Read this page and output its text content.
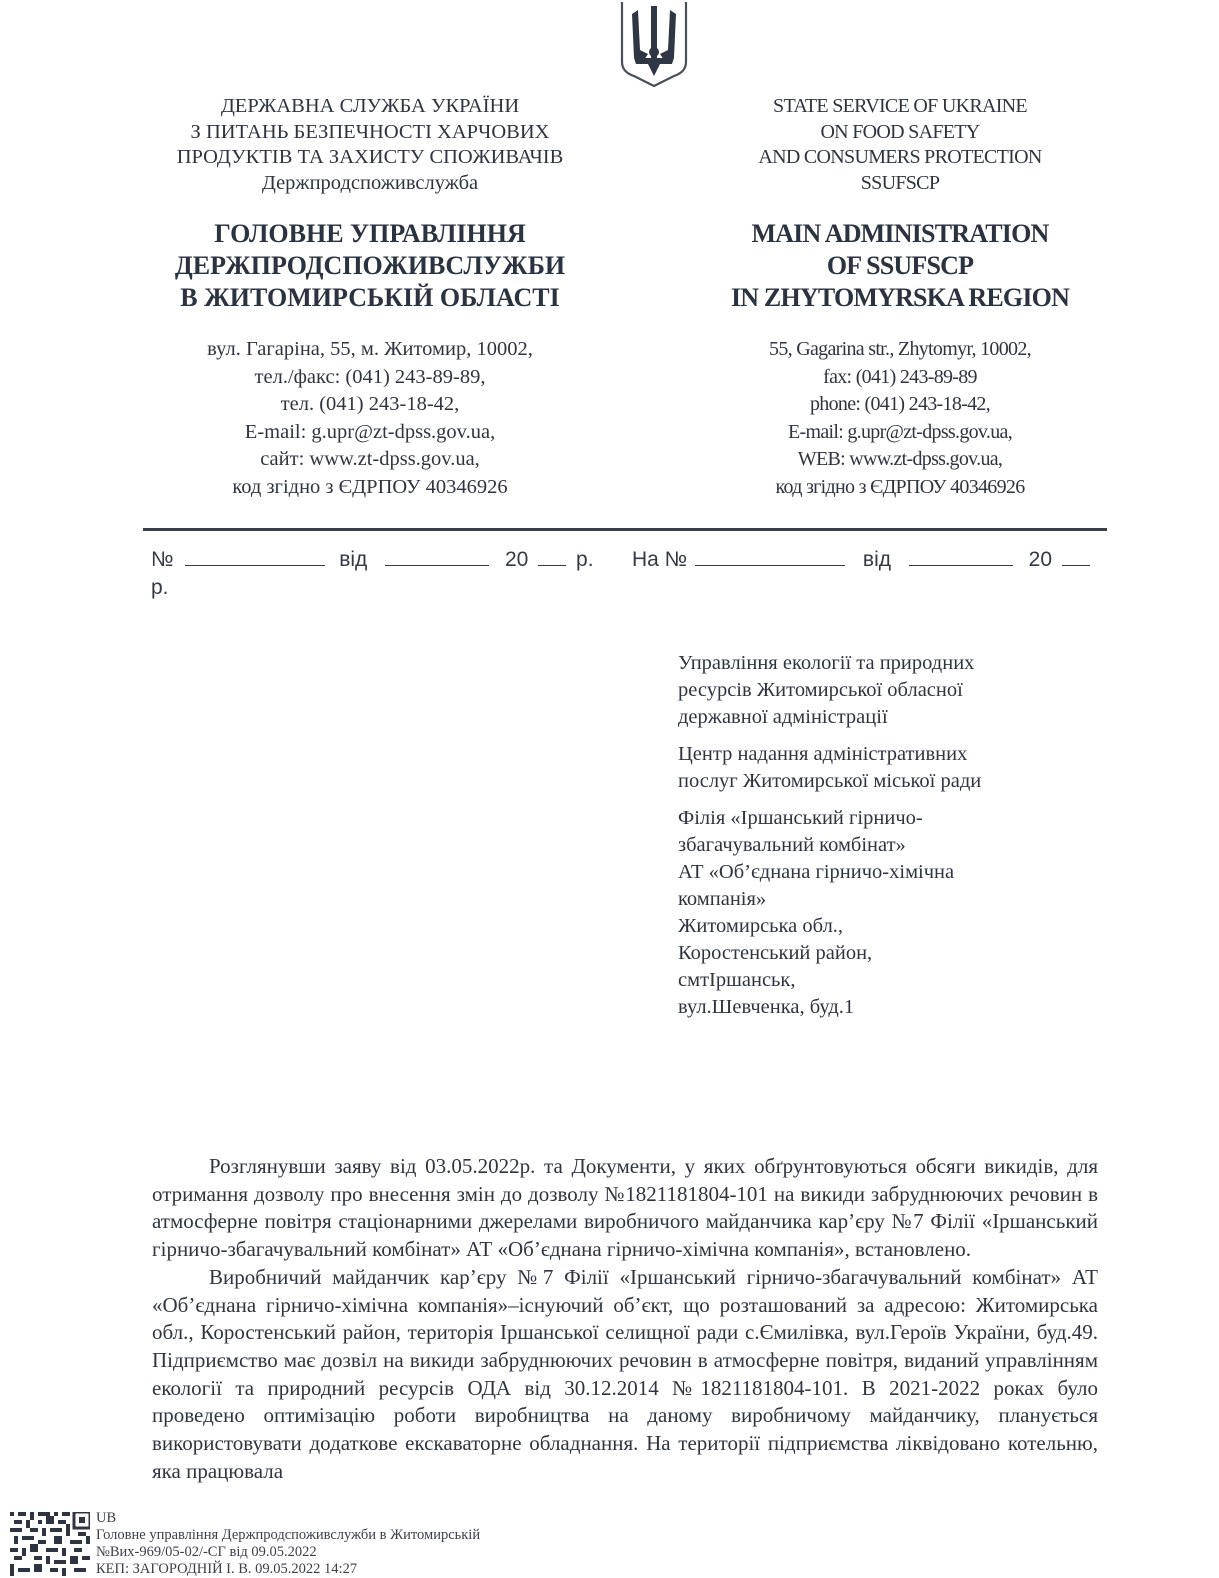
ДЕРЖАВНА СЛУЖБА УКРАЇНИ
З ПИТАНЬ БЕЗПЕЧНОСТІ ХАРЧОВИХ
ПРОДУКТІВ ТА ЗАХИСТУ СПОЖИВАЧІВ
Держпродспоживслужба
ГОЛОВНЕ УПРАВЛІННЯ
ДЕРЖПРОДСПОЖИВСЛУЖБИ
В ЖИТОМИРСЬКІЙ ОБЛАСТІ
вул. Гагаріна, 55, м. Житомир, 10002,
тел./факс: (041) 243-89-89,
тел. (041) 243-18-42,
E-mail: g.upr@zt-dpss.gov.ua,
сайт: www.zt-dpss.gov.ua,
код згідно з ЄДРПОУ 40346926
STATE SERVICE OF UKRAINE
ON FOOD SAFETY
AND CONSUMERS PROTECTION
SSUFSCP
MAIN ADMINISTRATION
OF SSUFSCP
IN ZHYTOMYRSKA REGION
55, Gagarina str., Zhytomyr, 10002,
fax: (041) 243-89-89
phone: (041) 243-18-42,
E-mail: g.upr@zt-dpss.gov.ua,
WEB: www.zt-dpss.gov.ua,
код згідно з ЄДРПОУ 40346926
№	від	20 р.
р.
На №	від	20
Управління екології та природних
ресурсів Житомирської обласної
державної адміністрації
Центр надання адміністративних
послуг Житомирської міської ради
Філія «Іршанський гірничо-
збагачувальний комбінат»
АТ «Об’єднана гірничо-хімічна
компанія»
Житомирська обл.,
Коростенський район,
смтІршанськ,
вул.Шевченка, буд.1

Розглянувши заяву від 03.05.2022р. та Документи, у яких обґрунтовуються обсяги викидів, для отримання дозволу про внесення змін до дозволу №1821181804-101 на викиди забруднюючих речовин в атмосферне повітря стаціонарними джерелами виробничого майданчика кар’єру №7 Філії «Іршанський гірничо-збагачувальний комбінат» АТ «Об’єднана гірничо-хімічна компанія», встановлено.

Виробничий майданчик кар’єру №7 Філії «Іршанський гірничо-збагачувальний комбінат» АТ «Об’єднана гірничо-хімічна компанія»–існуючий об’єкт, що розташований за адресою: Житомирська обл., Коростенський район, територія Іршанської селищної ради с.Ємилівка, вул.Героїв України, буд.49. Підприємство має дозвіл на викиди забруднюючих речовин в атмосферне повітря, виданий управлінням екології та природний ресурсів ОДА від 30.12.2014 №1821181804-101. В 2021-2022 роках було проведено оптимізацію роботи виробництва на даному виробничому майданчику, планується використовувати додаткове екскаваторне обладнання. На території підприємства ліквідовано котельню, яка працювала

UB
Головне управління Держпродспоживслужби в Житомирській
№Вих-969/05-02/-СГ від 09.05.2022
КЕП: ЗАГОРОДНІЙ І. В. 09.05.2022 14:27
